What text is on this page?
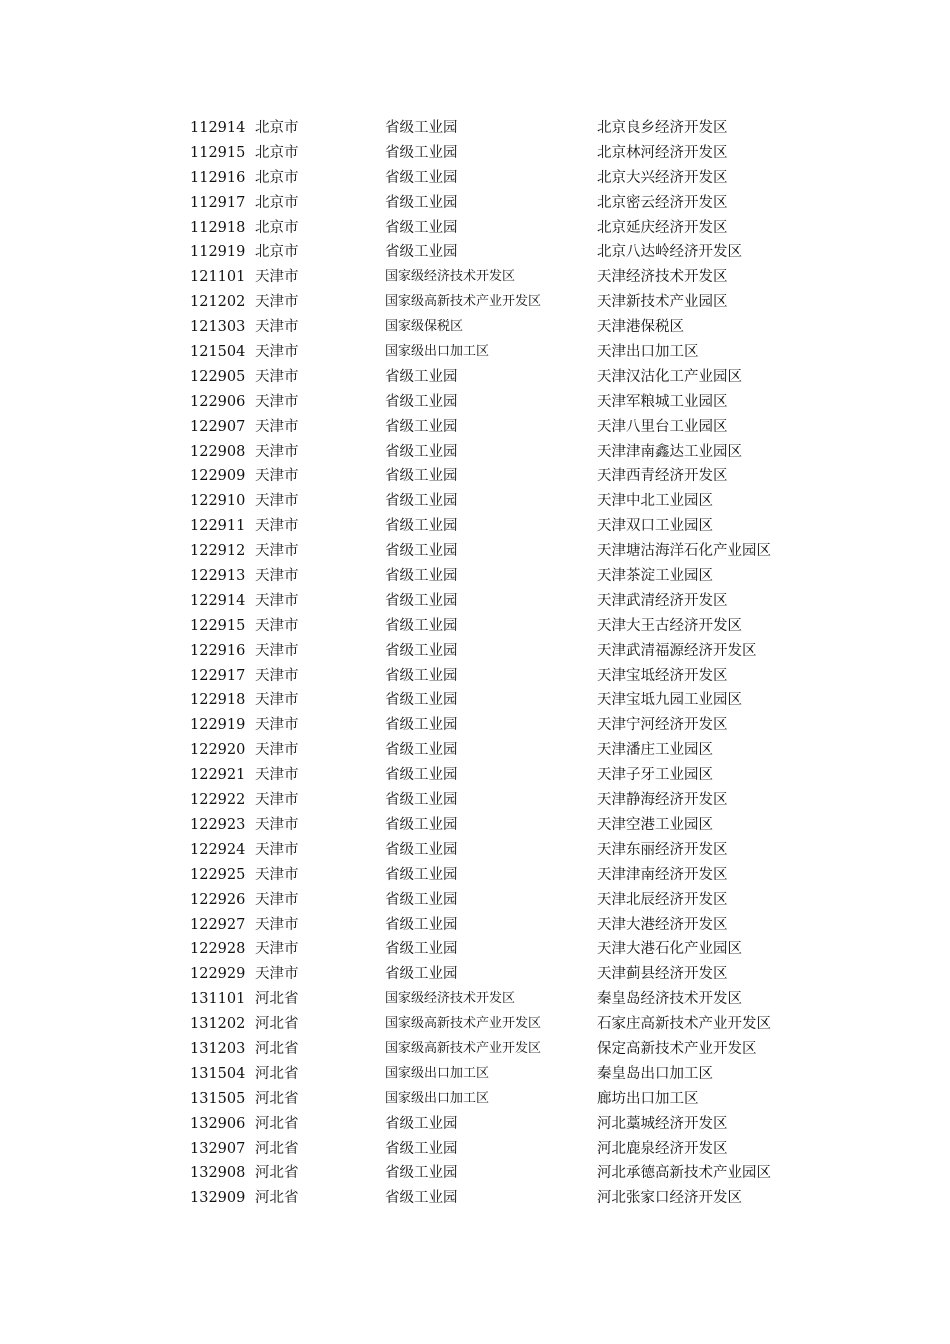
112914 北京市	省级工业园	北京良乡经济开发区
112915 北京市	省级工业园	北京林河经济开发区
112916 北京市	省级工业园	北京大兴经济开发区
112917 北京市	省级工业园	北京密云经济开发区
112918 北京市	省级工业园	北京延庆经济开发区
112919 北京市	省级工业园	北京八达岭经济开发区
121101 天津市	国家级经济技术开发区	天津经济技术开发区
121202 天津市	国家级高新技术产业开发区	天津新技术产业园区
121303 天津市	国家级保税区	天津港保税区
121504 天津市	国家级出口加工区	天津出口加工区
122905 天津市	省级工业园	天津汉沽化工产业园区
122906 天津市	省级工业园	天津军粮城工业园区
122907 天津市	省级工业园	天津八里台工业园区
122908 天津市	省级工业园	天津津南鑫达工业园区
122909 天津市	省级工业园	天津西青经济开发区
122910 天津市	省级工业园	天津中北工业园区
122911 天津市	省级工业园	天津双口工业园区
122912 天津市	省级工业园	天津塘沽海洋石化产业园区
122913 天津市	省级工业园	天津茶淀工业园区
122914 天津市	省级工业园	天津武清经济开发区
122915 天津市	省级工业园	天津大王古经济开发区
122916 天津市	省级工业园	天津武清福源经济开发区
122917 天津市	省级工业园	天津宝坻经济开发区
122918 天津市	省级工业园	天津宝坻九园工业园区
122919 天津市	省级工业园	天津宁河经济开发区
122920 天津市	省级工业园	天津潘庄工业园区
122921 天津市	省级工业园	天津子牙工业园区
122922 天津市	省级工业园	天津静海经济开发区
122923 天津市	省级工业园	天津空港工业园区
122924 天津市	省级工业园	天津东丽经济开发区
122925 天津市	省级工业园	天津津南经济开发区
122926 天津市	省级工业园	天津北辰经济开发区
122927 天津市	省级工业园	天津大港经济开发区
122928 天津市	省级工业园	天津大港石化产业园区
122929 天津市	省级工业园	天津蓟县经济开发区
131101 河北省	国家级经济技术开发区	秦皇岛经济技术开发区
131202 河北省	国家级高新技术产业开发区	石家庄高新技术产业开发区
131203 河北省	国家级高新技术产业开发区	保定高新技术产业开发区
131504 河北省	国家级出口加工区	秦皇岛出口加工区
131505 河北省	国家级出口加工区	廊坊出口加工区
132906 河北省	省级工业园	河北藁城经济开发区
132907 河北省	省级工业园	河北鹿泉经济开发区
132908 河北省	省级工业园	河北承德高新技术产业园区
132909 河北省	省级工业园	河北张家口经济开发区
